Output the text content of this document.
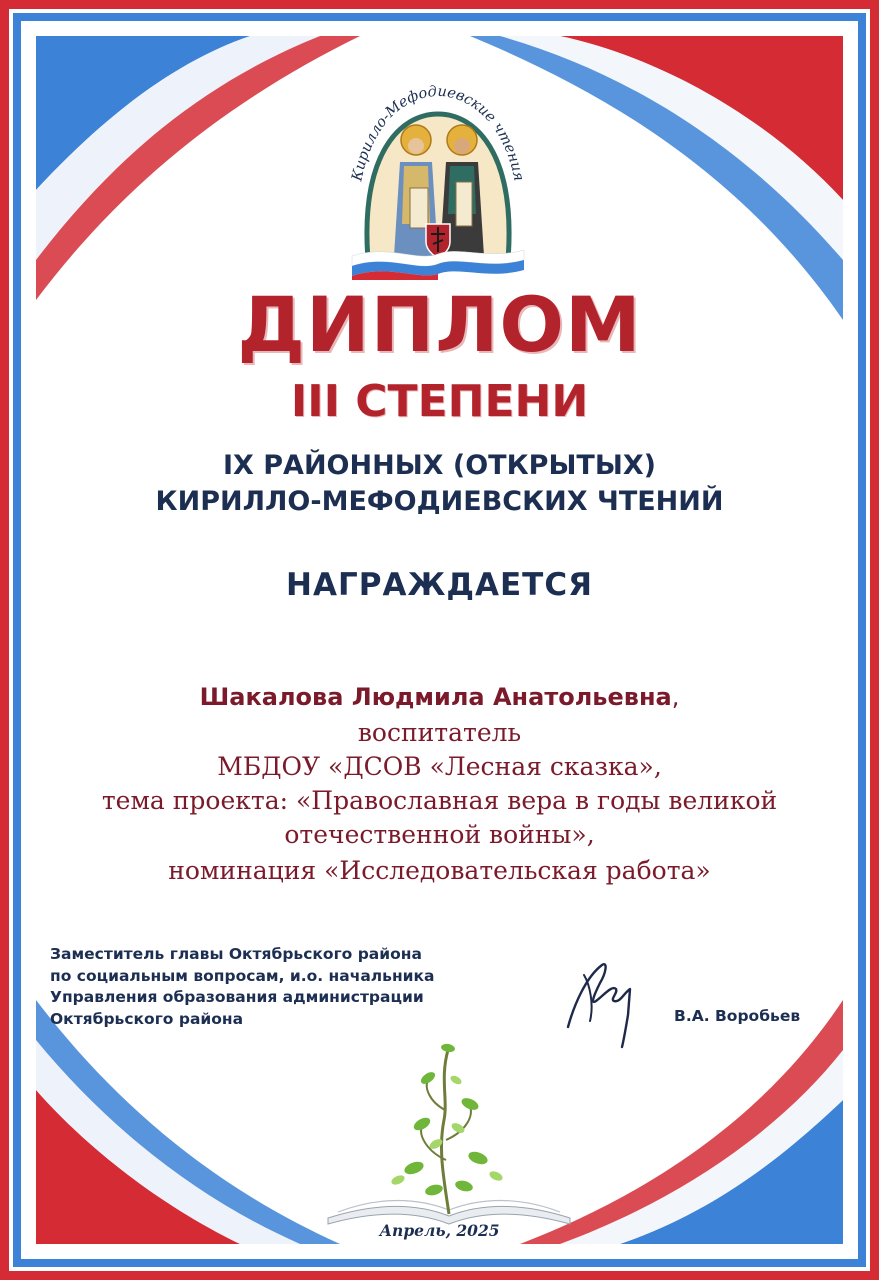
Кирилло-Мефодиевские чтения

ДИПЛОМ

III СТЕПЕНИ

IX РАЙОННЫХ (ОТКРЫТЫХ)

КИРИЛЛО-МЕФОДИЕВСКИХ ЧТЕНИЙ

НАГРАЖДАЕТСЯ

Шакалова Людмила Анатольевна,

воспитатель

МБДОУ «ДСОВ «Лесная сказка»,

тема проекта: «Православная вера в годы великой

отечественной войны»,

номинация «Исследовательская работа»

Заместитель главы Октябрьского района
по социальным вопросам, и.о. начальника
Управления образования администрации
Октябрьского района	В.А. Воробьев

Апрель, 2025
